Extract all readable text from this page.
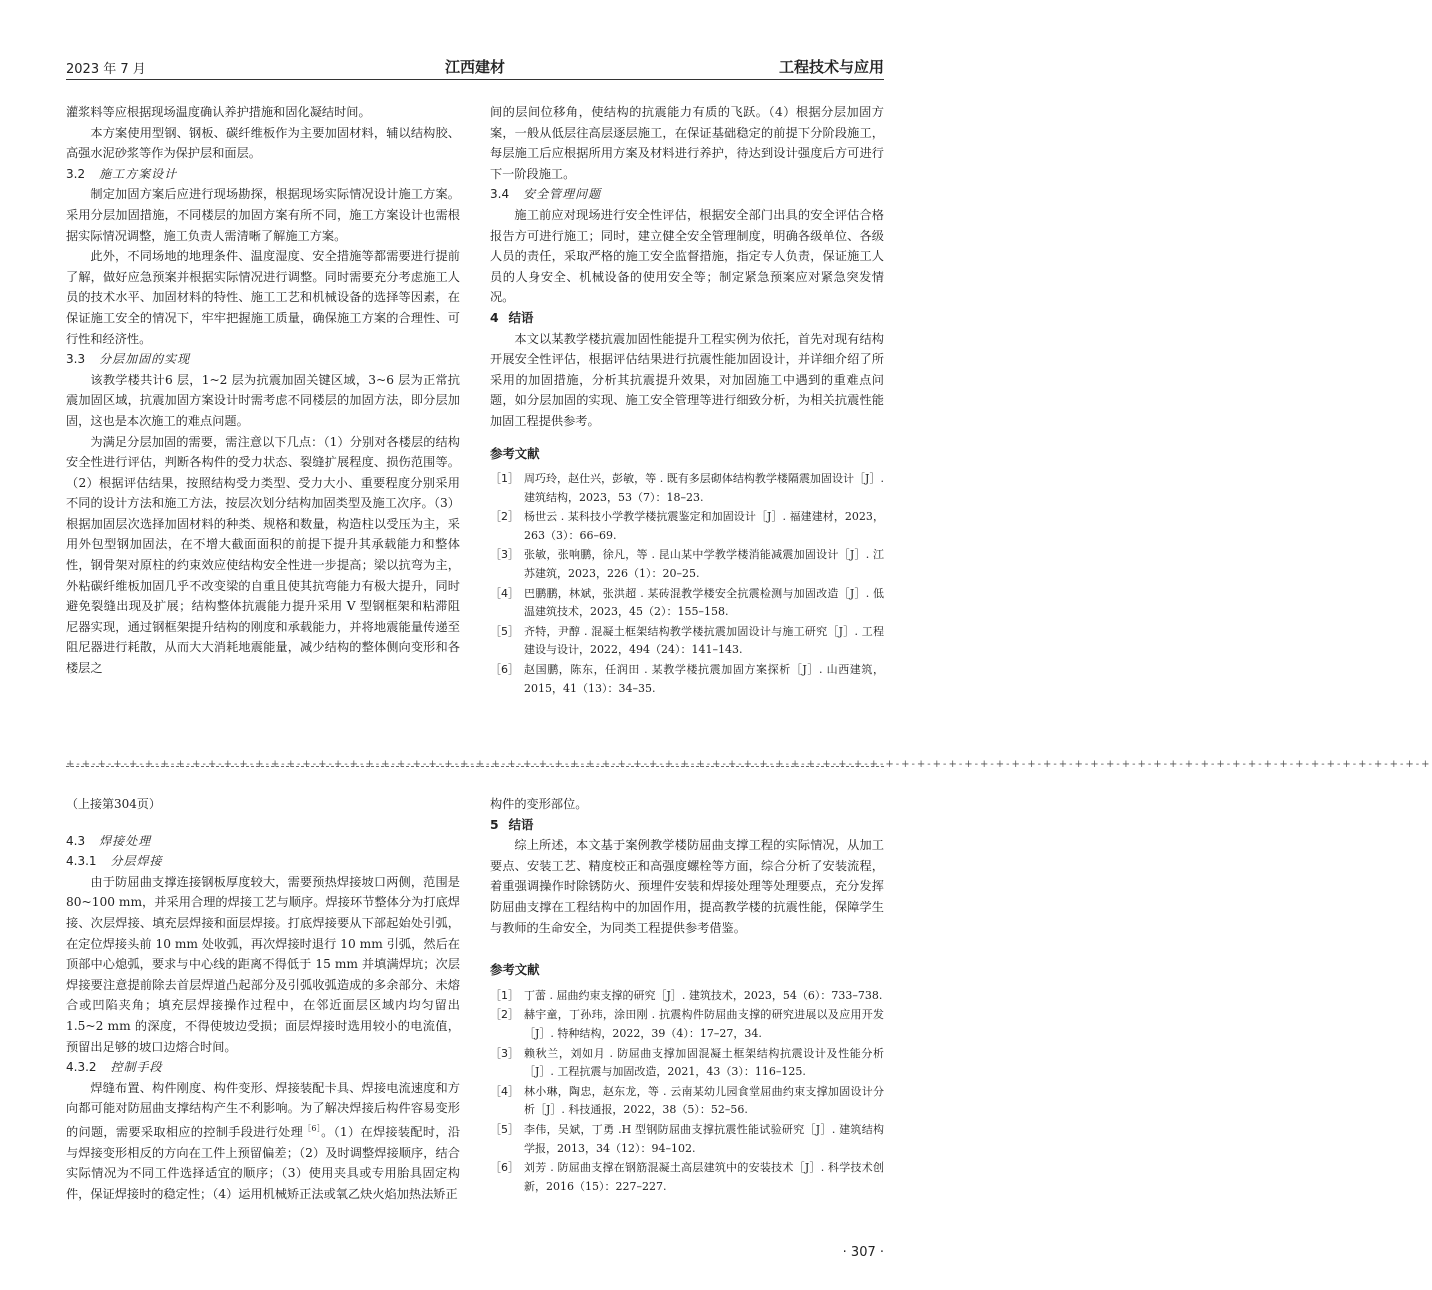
2023 年 7 月	江西建材	工程技术与应用

灌浆料等应根据现场温度确认养护措施和固化凝结时间。

本方案使用型钢、钢板、碳纤维板作为主要加固材料，辅以结构胶、高强水泥砂浆等作为保护层和面层。

3.2 施工方案设计

制定加固方案后应进行现场勘探，根据现场实际情况设计施工方案。采用分层加固措施，不同楼层的加固方案有所不同，施工方案设计也需根据实际情况调整，施工负责人需清晰了解施工方案。

此外，不同场地的地理条件、温度湿度、安全措施等都需要进行提前了解，做好应急预案并根据实际情况进行调整。同时需要充分考虑施工人员的技术水平、加固材料的特性、施工工艺和机械设备的选择等因素，在保证施工安全的情况下，牢牢把握施工质量，确保施工方案的合理性、可行性和经济性。

3.3 分层加固的实现

该教学楼共计6 层，1~2 层为抗震加固关键区域，3~6 层为正常抗震加固区域，抗震加固方案设计时需考虑不同楼层的加固方法，即分层加固，这也是本次施工的难点问题。

为满足分层加固的需要，需注意以下几点：（1）分别对各楼层的结构安全性进行评估，判断各构件的受力状态、裂缝扩展程度、损伤范围等。（2）根据评估结果，按照结构受力类型、受力大小、重要程度分别采用不同的设计方法和施工方法，按层次划分结构加固类型及施工次序。（3）根据加固层次选择加固材料的种类、规格和数量，构造柱以受压为主，采用外包型钢加固法，在不增大截面面积的前提下提升其承载能力和整体性，钢骨架对原柱的约束效应使结构安全性进一步提高；梁以抗弯为主，外粘碳纤维板加固几乎不改变梁的自重且使其抗弯能力有极大提升，同时避免裂缝出现及扩展；结构整体抗震能力提升采用 V 型钢框架和粘滞阻尼器实现，通过钢框架提升结构的刚度和承载能力，并将地震能量传递至阻尼器进行耗散，从而大大消耗地震能量，减少结构的整体侧向变形和各楼层之

间的层间位移角，使结构的抗震能力有质的飞跃。（4）根据分层加固方案，一般从低层往高层逐层施工，在保证基础稳定的前提下分阶段施工，每层施工后应根据所用方案及材料进行养护，待达到设计强度后方可进行下一阶段施工。

3.4 安全管理问题

施工前应对现场进行安全性评估，根据安全部门出具的安全评估合格报告方可进行施工；同时，建立健全安全管理制度，明确各级单位、各级人员的责任，采取严格的施工安全监督措施，指定专人负责，保证施工人员的人身安全、机械设备的使用安全等；制定紧急预案应对紧急突发情况。

4 结语

本文以某教学楼抗震加固性能提升工程实例为依托，首先对现有结构开展安全性评估，根据评估结果进行抗震性能加固设计，并详细介绍了所采用的加固措施，分析其抗震提升效果，对加固施工中遇到的重难点问题，如分层加固的实现、施工安全管理等进行细致分析，为相关抗震性能加固工程提供参考。

参考文献
［1］ 周巧玲，赵仕兴，彭敏，等 . 既有多层砌体结构教学楼隔震加固设计［J］. 建筑结构，2023，53（7）：18–23.
［2］ 杨世云 . 某科技小学教学楼抗震鉴定和加固设计［J］. 福建建材，2023，263（3）：66–69.
［3］ 张敏，张响鹏，徐凡，等 . 昆山某中学教学楼消能减震加固设计［J］. 江苏建筑，2023，226（1）：20–25.
［4］ 巴鹏鹏，林斌，张洪超 . 某砖混教学楼安全抗震检测与加固改造［J］. 低温建筑技术，2023，45（2）：155–158.
［5］ 齐特，尹醇 . 混凝土框架结构教学楼抗震加固设计与施工研究［J］. 工程建设与设计，2022，494（24）：141–143.
［6］ 赵国鹏，陈东，任润田 . 某教学楼抗震加固方案探析［J］. 山西建筑，2015，41（13）：34–35.
+-+-+-+-+-+-+-+-+-+-+-+-+-+-+-+-+-+-+-+-+-+-+-+-+-+-+-+-+-+-+-+-+-+-+-+-+-+-+-+-+-+-+-+-+-+-+-+-+-+-+-+-+-+-+-+-+-+-+-+-+-+-+-+-+-+-+-+-+-+-+-+-+-+-+-+-+-+-+-+-+-+-+-+-+-+-+
（上接第304页）
4.3 焊接处理
4.3.1 分层焊接

由于防屈曲支撑连接钢板厚度较大，需要预热焊接坡口两侧，范围是 80~100 mm，并采用合理的焊接工艺与顺序。焊接环节整体分为打底焊接、次层焊接、填充层焊接和面层焊接。打底焊接要从下部起始处引弧，在定位焊接头前 10 mm 处收弧，再次焊接时退行 10 mm 引弧，然后在顶部中心熄弧，要求与中心线的距离不得低于 15 mm 并填满焊坑；次层焊接要注意提前除去首层焊道凸起部分及引弧收弧造成的多余部分、未熔合或凹陷夹角；填充层焊接操作过程中，在邻近面层区域内均匀留出 1.5~2 mm 的深度，不得使坡边受损；面层焊接时选用较小的电流值，预留出足够的坡口边熔合时间。

4.3.2 控制手段

焊缝布置、构件刚度、构件变形、焊接装配卡具、焊接电流速度和方向都可能对防屈曲支撑结构产生不利影响。为了解决焊接后构件容易变形的问题，需要采取相应的控制手段进行处理$^{[6]}$。（1）在焊接装配时，沿与焊接变形相反的方向在工件上预留偏差；（2）及时调整焊接顺序，结合实际情况为不同工件选择适宜的顺序；（3）使用夹具或专用胎具固定构件，保证焊接时的稳定性；（4）运用机械矫正法或氧乙炔火焰加热法矫正

构件的变形部位。

5 结语

综上所述，本文基于案例教学楼防屈曲支撑工程的实际情况，从加工要点、安装工艺、精度校正和高强度螺栓等方面，综合分析了安装流程，着重强调操作时除锈防火、预埋件安装和焊接处理等处理要点，充分发挥防屈曲支撑在工程结构中的加固作用，提高教学楼的抗震性能，保障学生与教师的生命安全，为同类工程提供参考借鉴。

参考文献
［1］ 丁蕾 . 屈曲约束支撑的研究［J］. 建筑技术，2023，54（6）：733–738.
［2］ 赫宇童，丁孙玮，涂田刚 . 抗震构件防屈曲支撑的研究进展以及应用开发［J］. 特种结构，2022，39（4）：17–27，34.
［3］ 赖秋兰，刘如月 . 防屈曲支撑加固混凝土框架结构抗震设计及性能分析［J］. 工程抗震与加固改造，2021，43（3）：116–125.
［4］ 林小琳，陶忠，赵东龙，等 . 云南某幼儿园食堂屈曲约束支撑加固设计分析［J］. 科技通报，2022，38（5）：52–56.
［5］ 李伟，吴斌，丁勇 .H 型钢防屈曲支撑抗震性能试验研究［J］. 建筑结构学报，2013，34（12）：94–102.
［6］ 刘芳 . 防屈曲支撑在钢筋混凝土高层建筑中的安装技术［J］. 科学技术创新，2016（15）：227–227.
· 307 ·
